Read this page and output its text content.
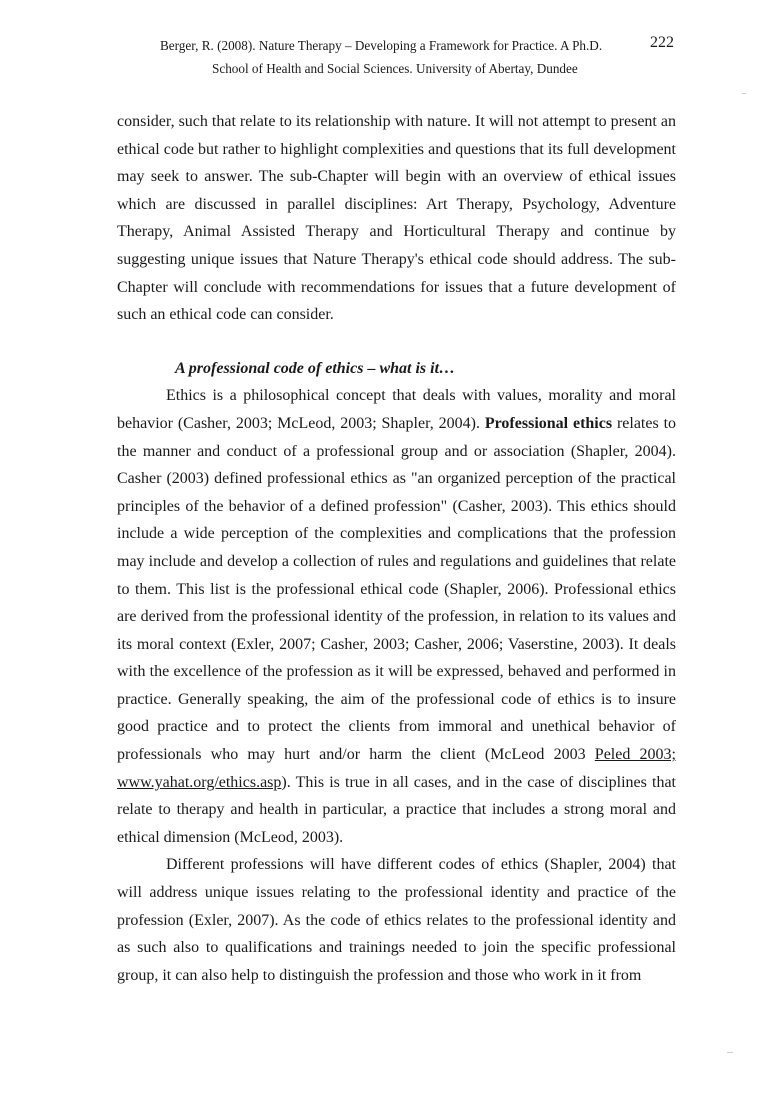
Berger, R. (2008). Nature Therapy – Developing a Framework for Practice. A Ph.D.	222
School of Health and Social Sciences. University of Abertay, Dundee

consider, such that relate to its relationship with nature. It will not attempt to present an ethical code but rather to highlight complexities and questions that its full development may seek to answer. The sub-Chapter will begin with an overview of ethical issues which are discussed in parallel disciplines: Art Therapy, Psychology, Adventure Therapy, Animal Assisted Therapy and Horticultural Therapy and continue by suggesting unique issues that Nature Therapy's ethical code should address. The sub-Chapter will conclude with recommendations for issues that a future development of such an ethical code can consider.

A professional code of ethics – what is it…

Ethics is a philosophical concept that deals with values, morality and moral behavior (Casher, 2003; McLeod, 2003; Shapler, 2004). Professional ethics relates to the manner and conduct of a professional group and or association (Shapler, 2004). Casher (2003) defined professional ethics as "an organized perception of the practical principles of the behavior of a defined profession" (Casher, 2003). This ethics should include a wide perception of the complexities and complications that the profession may include and develop a collection of rules and regulations and guidelines that relate to them. This list is the professional ethical code (Shapler, 2006). Professional ethics are derived from the professional identity of the profession, in relation to its values and its moral context (Exler, 2007; Casher, 2003; Casher, 2006; Vaserstine, 2003). It deals with the excellence of the profession as it will be expressed, behaved and performed in practice. Generally speaking, the aim of the professional code of ethics is to insure good practice and to protect the clients from immoral and unethical behavior of professionals who may hurt and/or harm the client (McLeod 2003 Peled 2003; www.yahat.org/ethics.asp). This is true in all cases, and in the case of disciplines that relate to therapy and health in particular, a practice that includes a strong moral and ethical dimension (McLeod, 2003).

Different professions will have different codes of ethics (Shapler, 2004) that will address unique issues relating to the professional identity and practice of the profession (Exler, 2007). As the code of ethics relates to the professional identity and as such also to qualifications and trainings needed to join the specific professional group, it can also help to distinguish the profession and those who work in it from
